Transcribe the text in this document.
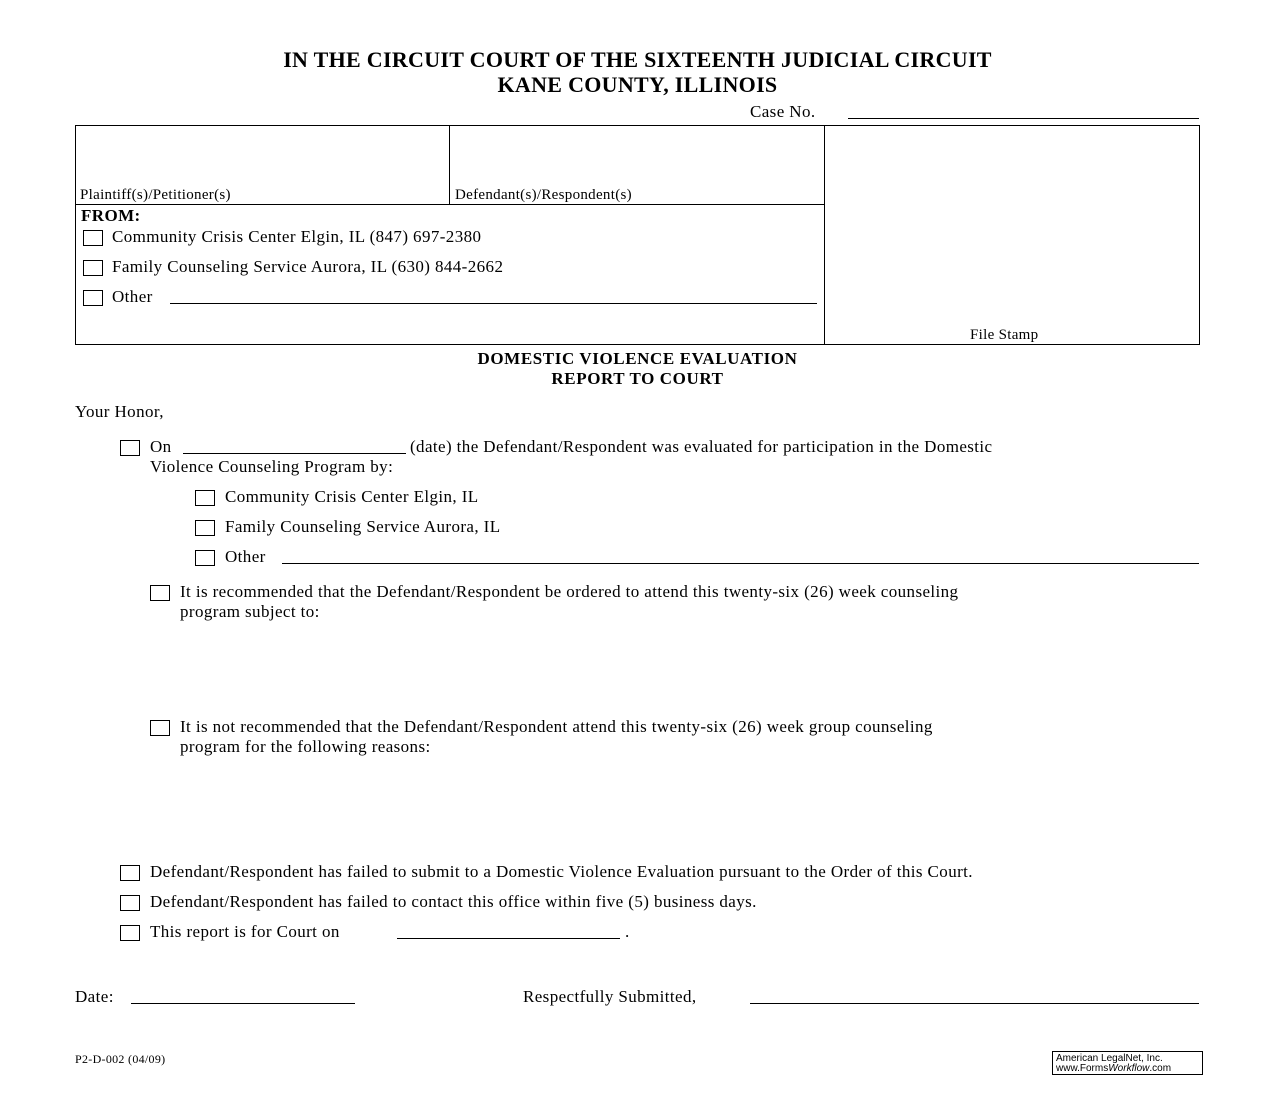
IN THE CIRCUIT COURT OF THE SIXTEENTH JUDICIAL CIRCUIT
KANE COUNTY, ILLINOIS
Case No.
Plaintiff(s)/Petitioner(s)	Defendant(s)/Respondent(s)
FROM:
Community Crisis Center Elgin, IL (847) 697-2380
Family Counseling Service Aurora, IL (630) 844-2662
Other
File Stamp
DOMESTIC VIOLENCE EVALUATION
REPORT TO COURT
Your Honor,
On	(date) the Defendant/Respondent was evaluated for participation in the Domestic
Violence Counseling Program by:
Community Crisis Center Elgin, IL
Family Counseling Service Aurora, IL
Other
It is recommended that the Defendant/Respondent be ordered to attend this twenty-six (26) week counseling
program subject to:
It is not recommended that the Defendant/Respondent attend this twenty-six (26) week group counseling
program for the following reasons:
Defendant/Respondent has failed to submit to a Domestic Violence Evaluation pursuant to the Order of this Court.
Defendant/Respondent has failed to contact this office within five (5) business days.
This report is for Court on	.
Date:	Respectfully Submitted,
P2-D-002 (04/09)	American LegalNet, Inc.
www.FormsWorkflow.com
